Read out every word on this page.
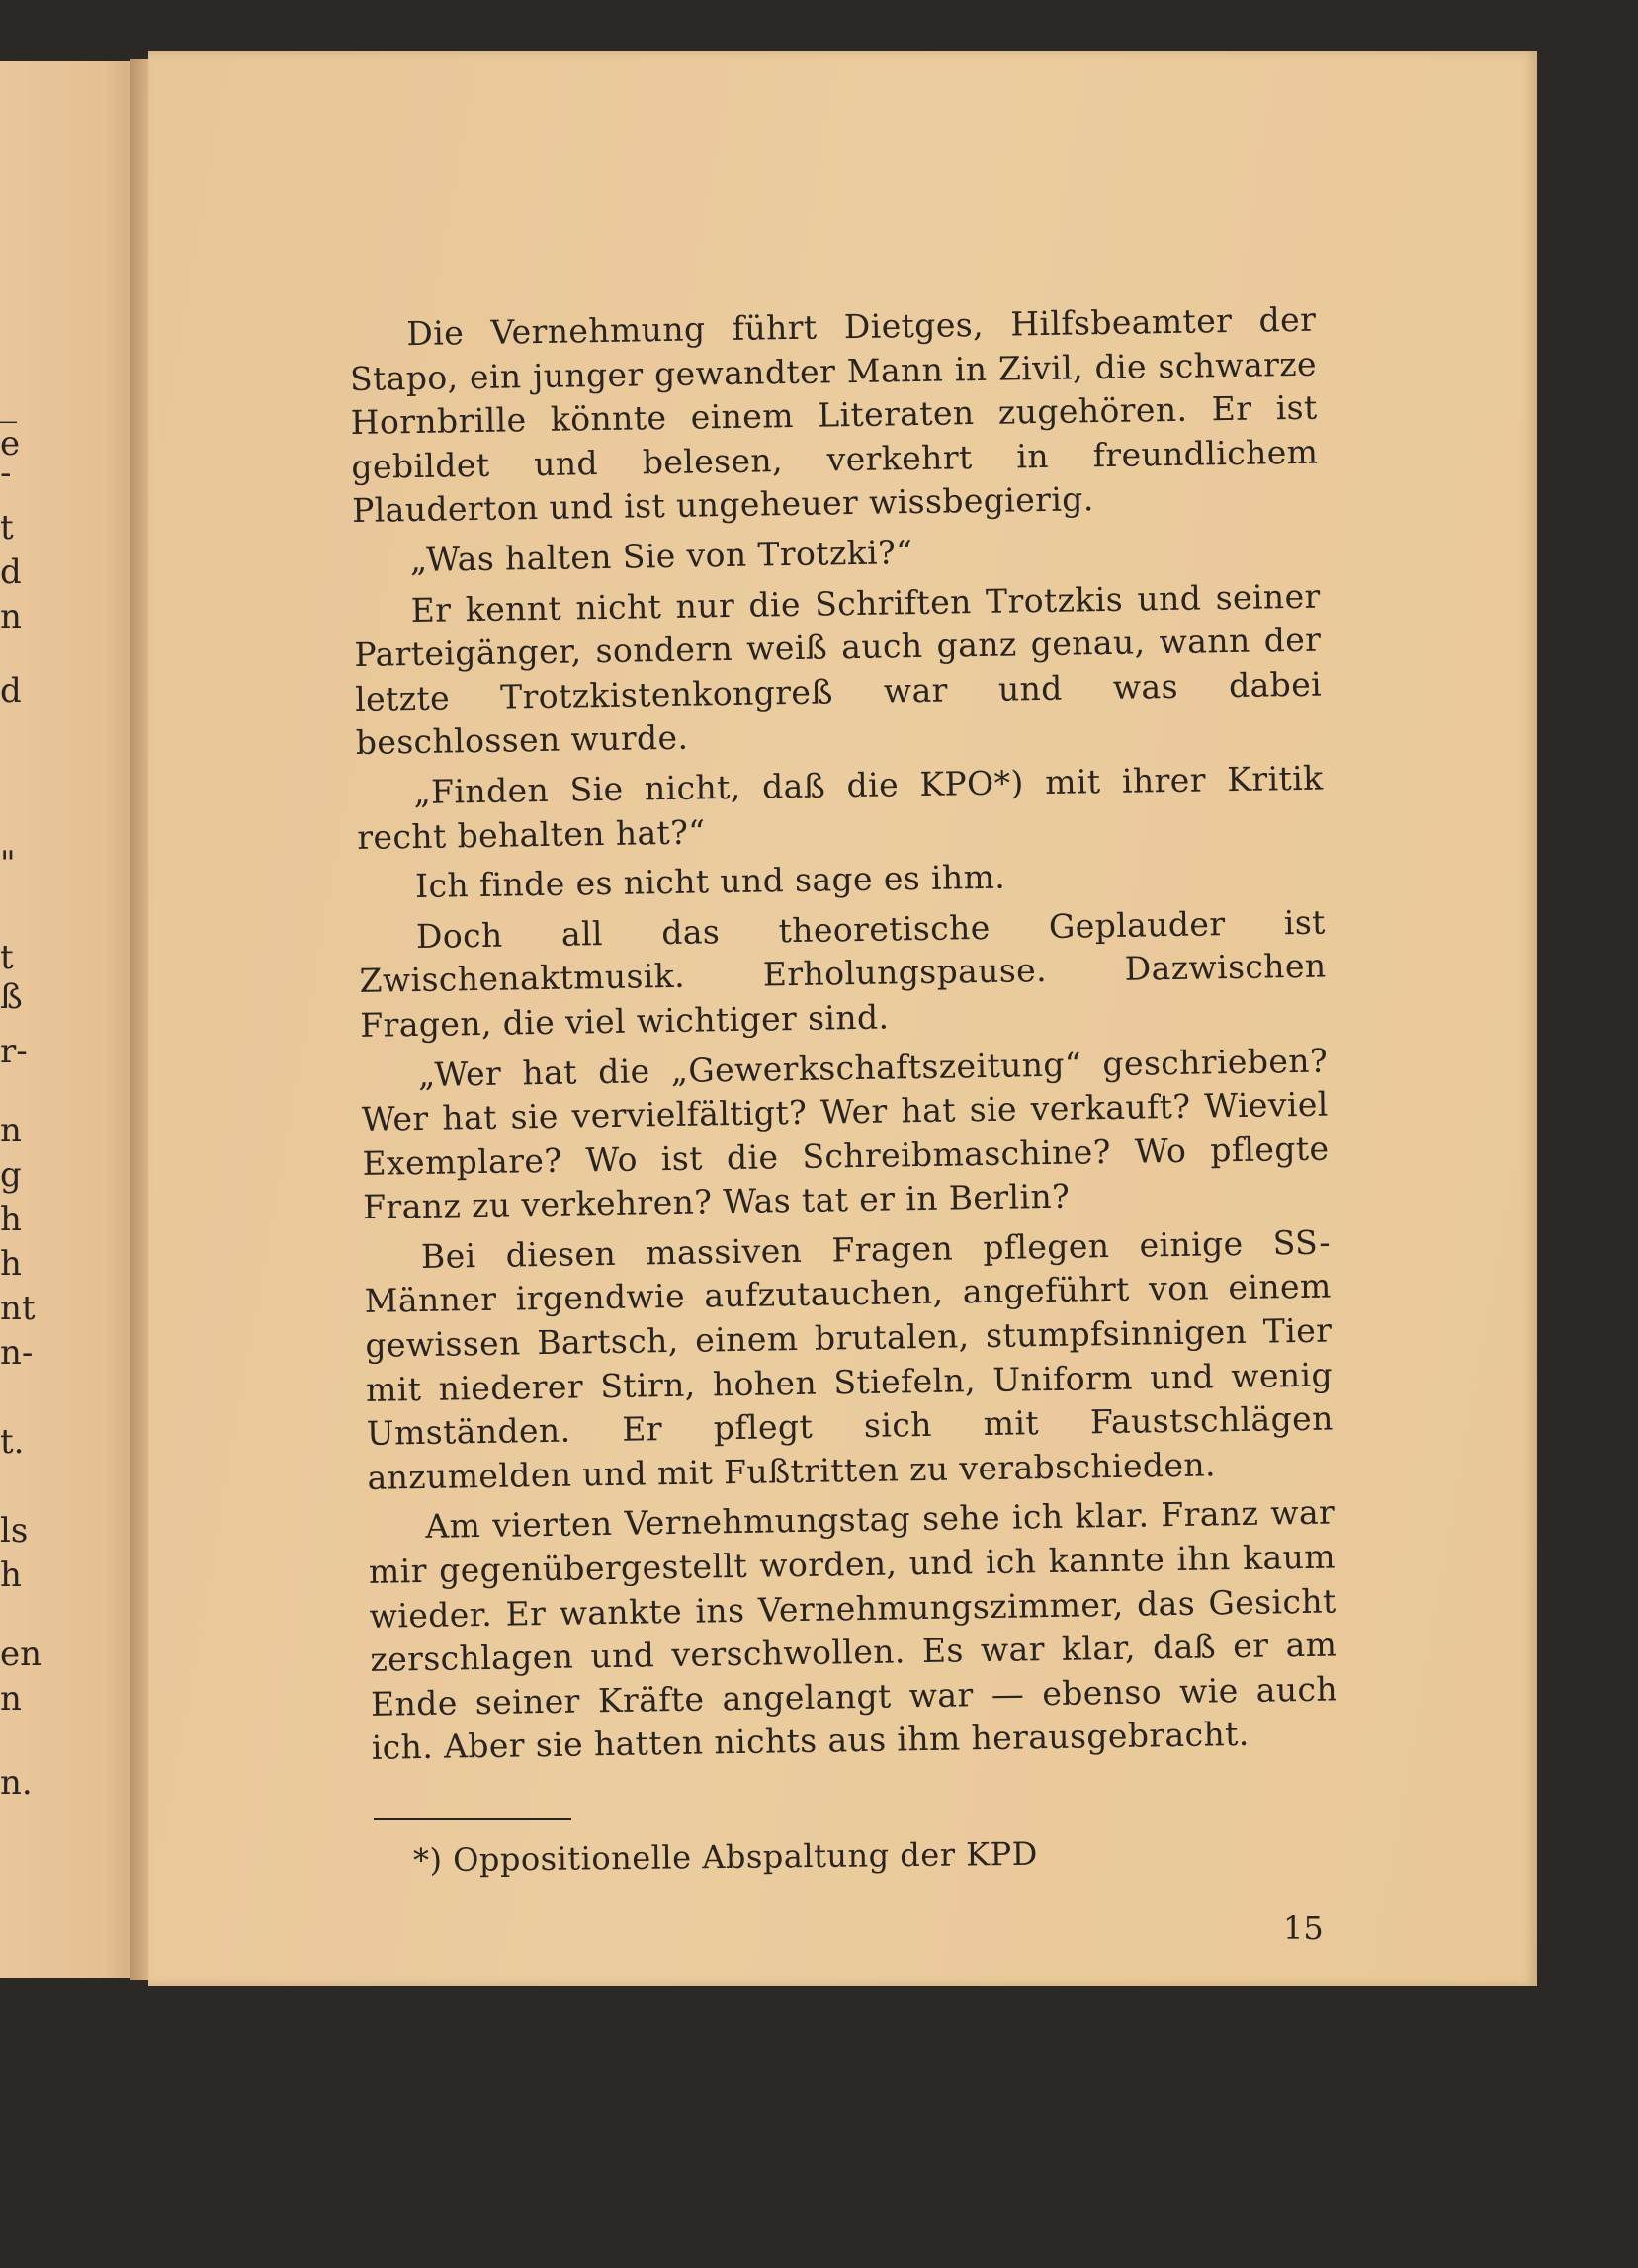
_
e
-
t
d
n
d
"
t
ß
r-
n
g
h
h
nt
n-
t.
ls
h
en
n
n.

Die Vernehmung führt Dietges, Hilfsbeamter der Stapo, ein junger gewandter Mann in Zivil, die schwarze Hornbrille könnte einem Literaten zugehören. Er ist gebildet und belesen, verkehrt in freundlichem Plauderton und ist ungeheuer wissbegierig.

„Was halten Sie von Trotzki?“

Er kennt nicht nur die Schriften Trotzkis und seiner Parteigänger, sondern weiß auch ganz genau, wann der letzte Trotzkistenkongreß war und was dabei beschlossen wurde.

„Finden Sie nicht, daß die KPO*) mit ihrer Kritik recht behalten hat?“

Ich finde es nicht und sage es ihm.

Doch all das theoretische Geplauder ist Zwischenaktmusik. Erholungspause. Dazwischen Fragen, die viel wichtiger sind.

„Wer hat die „Gewerkschaftszeitung“ geschrieben? Wer hat sie vervielfältigt? Wer hat sie verkauft? Wieviel Exemplare? Wo ist die Schreibmaschine? Wo pflegte Franz zu verkehren? Was tat er in Berlin?

Bei diesen massiven Fragen pflegen einige SS-Männer irgendwie aufzutauchen, angeführt von einem gewissen Bartsch, einem brutalen, stumpfsinnigen Tier mit niederer Stirn, hohen Stiefeln, Uniform und wenig Umständen. Er pflegt sich mit Faustschlägen anzumelden und mit Fußtritten zu verabschieden.

Am vierten Vernehmungstag sehe ich klar. Franz war mir gegenübergestellt worden, und ich kannte ihn kaum wieder. Er wankte ins Vernehmungszimmer, das Gesicht zerschlagen und verschwollen. Es war klar, daß er am Ende seiner Kräfte angelangt war — ebenso wie auch ich. Aber sie hatten nichts aus ihm herausgebracht.

*) Oppositionelle Abspaltung der KPD
15
